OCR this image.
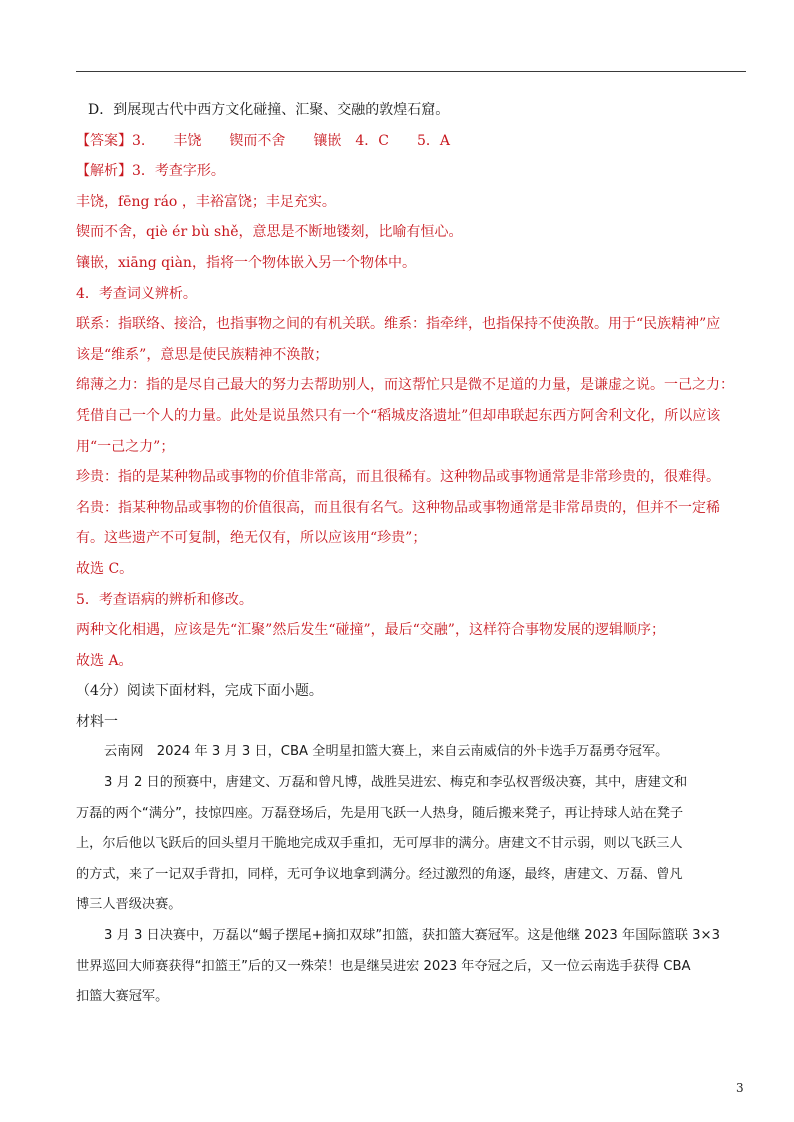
D．到展现古代中西方文化碰撞、汇聚、交融的敦煌石窟。
【答案】3.　　丰饶　　锲而不舍　　镶嵌　4．C　　5．A
【解析】3．考查字形。
丰饶，fēng ráo ，丰裕富饶；丰足充实。
锲而不舍，qiè ér bù shě，意思是不断地镂刻，比喻有恒心。
镶嵌，xiāng qiàn，指将一个物体嵌入另一个物体中。
4．考查词义辨析。
联系：指联络、接洽，也指事物之间的有机关联。维系：指牵绊，也指保持不使涣散。用于“民族精神”应
该是“维系”，意思是使民族精神不涣散；
绵薄之力：指的是尽自己最大的努力去帮助别人，而这帮忙只是微不足道的力量，是谦虚之说。一己之力：
凭借自己一个人的力量。此处是说虽然只有一个“稻城皮洛遗址”但却串联起东西方阿舍利文化，所以应该
用“一己之力”；
珍贵：指的是某种物品或事物的价值非常高，而且很稀有。这种物品或事物通常是非常珍贵的，很难得。
名贵：指某种物品或事物的价值很高，而且很有名气。这种物品或事物通常是非常昂贵的，但并不一定稀
有。这些遗产不可复制，绝无仅有，所以应该用“珍贵”；
故选 C。
5．考查语病的辨析和修改。
两种文化相遇，应该是先“汇聚”然后发生“碰撞”，最后“交融”，这样符合事物发展的逻辑顺序；
故选 A。
（4分）阅读下面材料，完成下面小题。
材料一
云南网　2024 年 3 月 3 日，CBA 全明星扣篮大赛上，来自云南威信的外卡选手万磊勇夺冠军。
3 月 2 日的预赛中，唐建文、万磊和曾凡博，战胜吴进宏、梅克和李弘权晋级决赛，其中，唐建文和
万磊的两个“满分”，技惊四座。万磊登场后，先是用飞跃一人热身，随后搬来凳子，再让持球人站在凳子
上，尔后他以飞跃后的回头望月干脆地完成双手重扣，无可厚非的满分。唐建文不甘示弱，则以飞跃三人
的方式，来了一记双手背扣，同样，无可争议地拿到满分。经过激烈的角逐，最终，唐建文、万磊、曾凡
博三人晋级决赛。
3 月 3 日决赛中，万磊以“蝎子摆尾+摘扣双球”扣篮，获扣篮大赛冠军。这是他继 2023 年国际篮联 3×3
世界巡回大师赛获得“扣篮王”后的又一殊荣！也是继吴进宏 2023 年夺冠之后，又一位云南选手获得 CBA
扣篮大赛冠军。
3
